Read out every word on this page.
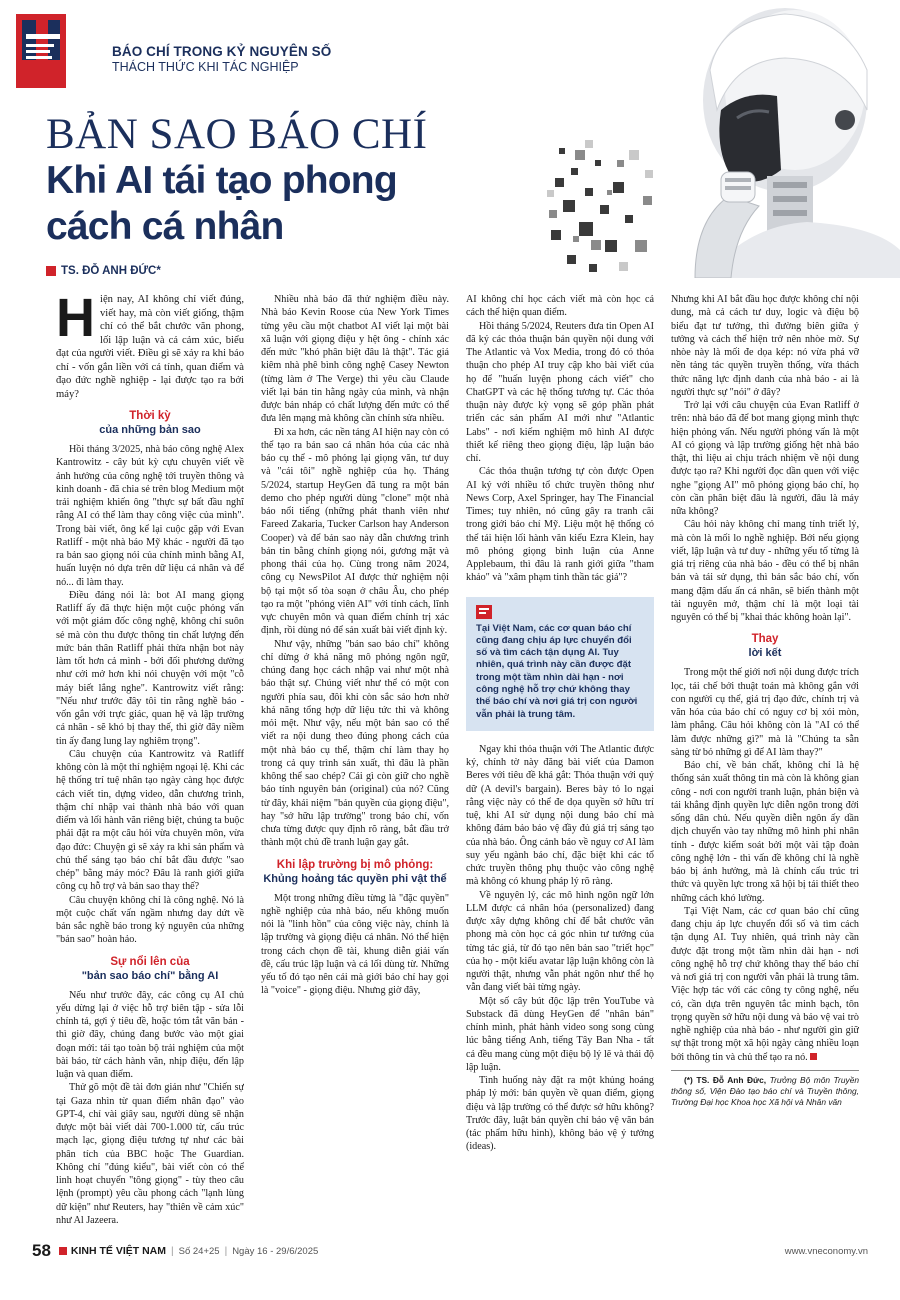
BÁO CHÍ TRONG KỶ NGUYÊN SỐ
THÁCH THỨC KHI TÁC NGHIỆP
BẢN SAO BÁO CHÍ
Khi AI tái tạo phong cách cá nhân
TS. ĐỖ ANH ĐỨC*

Hiện nay, AI không chỉ viết đúng, viết hay, mà còn viết giống, thậm chí có thể bắt chước văn phong, lối lập luận và cả cảm xúc, biểu đạt của người viết. Điều gì sẽ xảy ra khi báo chí - vốn gắn liền với cá tính, quan điểm và đạo đức nghề nghiệp - lại được tạo ra bởi máy?

Thời kỳ
của những bản sao

Hồi tháng 3/2025, nhà báo công nghệ Alex Kantrowitz - cây bút kỳ cựu chuyên viết về ảnh hưởng của công nghệ tới truyền thông và kinh doanh - đã chia sẻ trên blog Medium một trải nghiệm khiến ông "thực sự bất đầu nghĩ rằng AI có thể làm thay công việc của mình". Trong bài viết, ông kể lại cuộc gặp với Evan Ratliff - một nhà báo Mỹ khác - người đã tạo ra bản sao giọng nói của chính mình bằng AI, huấn luyện nó dựa trên dữ liệu cá nhân và để nó... đi làm thay.

Điều đáng nói là: bot AI mang giọng Ratliff ấy đã thực hiện một cuộc phỏng vấn với một giám đốc công nghệ, không chỉ suôn sẻ mà còn thu được thông tin chất lượng đến mức bản thân Ratliff phải thừa nhận bot này làm tốt hơn cả mình - bởi đối phương dường như cởi mở hơn khi nói chuyện với một "cỗ máy biết lắng nghe". Kantrowitz viết rằng: "Nếu như trước đây tôi tin rằng nghề báo - vốn gắn với trực giác, quan hệ và lập trường cá nhân - sẽ khó bị thay thế, thì giờ đây niềm tin ấy đang lung lay nghiêm trọng".

Câu chuyện của Kantrowitz và Ratliff không còn là một thí nghiệm ngoại lệ. Khi các hệ thống trí tuệ nhân tạo ngày càng học được cách viết tin, dựng video, dẫn chương trình, thậm chí nhập vai thành nhà báo với quan điểm và lối hành văn riêng biệt, chúng ta buộc phải đặt ra một câu hỏi vừa chuyên môn, vừa đạo đức: Chuyện gì sẽ xảy ra khi sản phẩm và chủ thể sáng tạo báo chí bắt đầu được "sao chép" bằng máy móc? Đâu là ranh giới giữa công cụ hỗ trợ và bản sao thay thế?

Câu chuyện không chỉ là công nghệ. Nó là một cuộc chất vấn ngầm nhưng day dứt về bản sắc nghề báo trong kỷ nguyên của những "bản sao" hoàn hảo.

Sự nổi lên của
"bản sao báo chí" bằng AI

Nếu như trước đây, các công cụ AI chủ yếu dừng lại ở việc hỗ trợ biên tập - sửa lỗi chính tả, gợi ý tiêu đề, hoặc tóm tắt văn bản - thì giờ đây, chúng đang bước vào một giai đoạn mới: tái tạo toàn bộ trải nghiệm của một bài báo, từ cách hành văn, nhịp điệu, đến lập luận và quan điểm.

Thử gõ một đề tài đơn giản như "Chiến sự tại Gaza nhìn từ quan điểm nhân đạo" vào GPT-4, chỉ vài giây sau, người dùng sẽ nhận được một bài viết dài 700-1.000 từ, cấu trúc mạch lạc, giọng điệu tương tự như các bài phân tích của BBC hoặc The Guardian. Không chỉ "đúng kiểu", bài viết còn có thể linh hoạt chuyển "tông giọng" - tùy theo câu lệnh (prompt) yêu cầu phong cách "lạnh lùng dữ kiện" như Reuters, hay "thiên về cảm xúc" như Al Jazeera.

Nhiều nhà báo đã thử nghiệm điều này. Nhà báo Kevin Roose của New York Times từng yêu cầu một chatbot AI viết lại một bài xã luận với giọng điệu y hệt ông - chính xác đến mức "khó phân biệt đâu là thật". Tác giả kiêm nhà phê bình công nghệ Casey Newton (từng làm ở The Verge) thì yêu cầu Claude viết lại bản tin hằng ngày của mình, và nhận được bản nháp có chất lượng đến mức có thể đưa lên mạng mà không cần chỉnh sửa nhiều.

Đi xa hơn, các nền tảng AI hiện nay còn có thể tạo ra bản sao cá nhân hóa của các nhà báo cụ thể - mô phỏng lại giọng văn, tư duy và "cái tôi" nghề nghiệp của họ. Tháng 5/2024, startup HeyGen đã tung ra một bản demo cho phép người dùng "clone" một nhà báo nổi tiếng (những phát thanh viên như Fareed Zakaria, Tucker Carlson hay Anderson Cooper) và để bản sao này dẫn chương trình bản tin bằng chính giọng nói, gương mặt và phong thái của họ. Cùng trong năm 2024, công cụ NewsPilot AI được thử nghiệm nội bộ tại một số tòa soạn ở châu Âu, cho phép tạo ra một "phóng viên AI" với tính cách, lĩnh vực chuyên môn và quan điểm chính trị xác định, rồi dùng nó để sản xuất bài viết định kỳ.

Như vậy, những "bản sao báo chí" không chỉ dừng ở khả năng mô phỏng ngôn ngữ, chúng đang học cách nhập vai như một nhà báo thật sự. Chúng viết như thể có một con người phía sau, đôi khi còn sắc sảo hơn nhờ khả năng tổng hợp dữ liệu tức thì và không mỏi mệt. Như vậy, nếu một bản sao có thể viết ra nội dung theo đúng phong cách của một nhà báo cụ thể, thậm chí làm thay họ trong cả quy trình sản xuất, thì đâu là phần không thể sao chép? Cái gì còn giữ cho nghề báo tính nguyên bản (original) của nó? Cũng từ đây, khái niệm "bản quyền của giọng điệu", hay "sở hữu lập trường" trong báo chí, vốn chưa từng được quy định rõ ràng, bắt đầu trở thành một chủ đề tranh luận gay gắt.

Khi lập trường bị mô phỏng:
Khủng hoảng tác quyền phi vật thể

Một trong những điều từng là "đặc quyền" nghề nghiệp của nhà báo, nếu không muốn nói là "linh hồn" của công việc này, chính là lập trường và giọng điệu cá nhân. Nó thể hiện trong cách chọn đề tài, khung diễn giải vấn đề, cấu trúc lập luận và cả lối dùng từ. Những yếu tố đó tạo nên cái mà giới báo chí hay gọi là "voice" - giọng điệu. Nhưng giờ đây,

AI không chỉ học cách viết mà còn học cả cách thể hiện quan điểm.

Hồi tháng 5/2024, Reuters đưa tin Open AI đã ký các thỏa thuận bản quyền nội dung với The Atlantic và Vox Media, trong đó có thỏa thuận cho phép AI truy cập kho bài viết của họ để "huấn luyện phong cách viết" cho ChatGPT và các hệ thống tương tự. Các thỏa thuận này được kỳ vọng sẽ góp phần phát triển các sản phẩm AI mới như "Atlantic Labs" - nơi kiếm nghiệm mô hình AI được thiết kế riêng theo giọng điệu, lập luận báo chí.

Các thỏa thuận tương tự còn được Open AI ký với nhiều tổ chức truyền thông như News Corp, Axel Springer, hay The Financial Times; tuy nhiên, nó cũng gây ra tranh cãi trong giới báo chí Mỹ. Liệu một hệ thống có thể tái hiện lối hành văn kiểu Ezra Klein, hay mô phỏng giọng bình luận của Anne Applebaum, thì đâu là ranh giới giữa "tham khảo" và "xâm phạm tinh thần tác giả"?

Tại Việt Nam, các cơ quan báo chí cũng đang chịu áp lực chuyển đổi số và tìm cách tận dụng AI. Tuy nhiên, quá trình này cần được đặt trong một tầm nhìn dài hạn - nơi công nghệ hỗ trợ chứ không thay thế báo chí và nơi giá trị con người vẫn phải là trung tâm.

Ngay khi thỏa thuận với The Atlantic được ký, chính tờ này đăng bài viết của Damon Beres với tiêu đề khá gắt: Thỏa thuận với quỷ dữ (A devil's bargain). Beres bày tỏ lo ngại rằng việc này có thể đe dọa quyền sở hữu trí tuệ, khi AI sử dụng nội dung báo chí mà không đảm bảo bảo vệ đầy đủ giá trị sáng tạo của nhà báo. Ông cảnh báo về nguy cơ AI làm suy yếu ngành báo chí, đặc biệt khi các tổ chức truyền thông phụ thuộc vào công nghệ mà không có khung pháp lý rõ ràng.

Về nguyên lý, các mô hình ngôn ngữ lớn LLM được cá nhân hóa (personalized) đang được xây dựng không chỉ để bắt chước văn phong mà còn học cả góc nhìn tư tưởng của từng tác giả, từ đó tạo nên bản sao "triết học" của họ - một kiểu avatar lập luận không còn là người thật, nhưng vẫn phát ngôn như thể họ vẫn đang viết bài từng ngày.

Một số cây bút độc lập trên YouTube và Substack đã dùng HeyGen để "nhân bản" chính mình, phát hành video song song cùng lúc bằng tiếng Anh, tiếng Tây Ban Nha - tất cả đều mang cùng một điệu bộ lý lẽ và thái độ lập luận.

Tình huống này đặt ra một khủng hoảng pháp lý mới: bản quyền về quan điểm, giọng điệu và lập trường có thể được sở hữu không? Trước đây, luật bản quyền chỉ bảo vệ văn bản (tác phẩm hữu hình), không bảo vệ ý tưởng (ideas).

Nhưng khi AI bắt đầu học được không chỉ nội dung, mà cả cách tư duy, logic và điệu bộ biểu đạt tư tưởng, thì đường biên giữa ý tưởng và cách thể hiện trở nên nhòe mờ. Sự nhòe này là mối đe dọa kép: nó vừa phá vỡ nền tảng tác quyền truyền thống, vừa thách thức năng lực định danh của nhà báo - ai là người thực sự "nói" ở đây?

Trở lại với câu chuyện của Evan Ratliff ở trên: nhà báo đã để bot mang giọng mình thực hiện phỏng vấn. Nếu người phỏng vấn là một AI có giọng và lập trường giống hệt nhà báo thật, thì liệu ai chịu trách nhiệm về nội dung được tạo ra? Khi người đọc dần quen với việc nghe "giọng AI" mô phỏng giọng báo chí, họ còn cần phân biệt đâu là người, đâu là máy nữa không?

Câu hỏi này không chỉ mang tính triết lý, mà còn là mối lo nghề nghiệp. Bởi nếu giọng viết, lập luận và tư duy - những yếu tố từng là giá trị riêng của nhà báo - đều có thể bị nhân bản và tái sử dụng, thì bản sắc báo chí, vốn mang đậm dấu ấn cá nhân, sẽ biến thành một tài nguyên mở, thậm chí là một loại tài nguyên có thể bị "khai thác không hoàn lại".

Thay
lời kết

Trong một thế giới nơi nội dung được trích lọc, tái chế bởi thuật toán mà không gắn với con người cụ thể, giá trị đạo đức, chính trị và văn hóa của báo chí có nguy cơ bị xói mòn, làm phẳng. Câu hỏi không còn là "AI có thể làm được những gì?" mà là "Chúng ta sẵn sàng từ bỏ những gì để AI làm thay?"

Báo chí, về bản chất, không chỉ là hệ thống sản xuất thông tin mà còn là không gian công - nơi con người tranh luận, phản biện và tái khẳng định quyền lực diễn ngôn trong đời sống dân chủ. Nếu quyền diễn ngôn ấy dần dịch chuyển vào tay những mô hình phi nhân tính - được kiểm soát bởi một vài tập đoàn công nghệ lớn - thì vấn đề không chỉ là nghề báo bị ảnh hưởng, mà là chính cấu trúc tri thức và quyền lực trong xã hội bị tái thiết theo những cách khó lường.

Tại Việt Nam, các cơ quan báo chí cũng đang chịu áp lực chuyển đổi số và tìm cách tận dụng AI. Tuy nhiên, quá trình này cần được đặt trong một tầm nhìn dài hạn - nơi công nghệ hỗ trợ chứ không thay thế báo chí và nơi giá trị con người vẫn phải là trung tâm. Việc hợp tác với các công ty công nghệ, nếu có, cần dựa trên nguyên tắc minh bạch, tôn trọng quyền sở hữu nội dung và bảo vệ vai trò nghề nghiệp của nhà báo - như người gìn giữ sự thật trong một xã hội ngày càng nhiều loạn bởi thông tin và chủ thể tạo ra nó.

(*) TS. Đỗ Anh Đức, Trưởng Bộ môn Truyền thông số, Viện Đào tạo báo chí và Truyền thông, Trường Đại học Khoa học Xã hội và Nhân văn

58	KINH TẾ VIỆT NAM | Số 24+25 | Ngày 16 - 29/6/2025	www.vneconomy.vn
